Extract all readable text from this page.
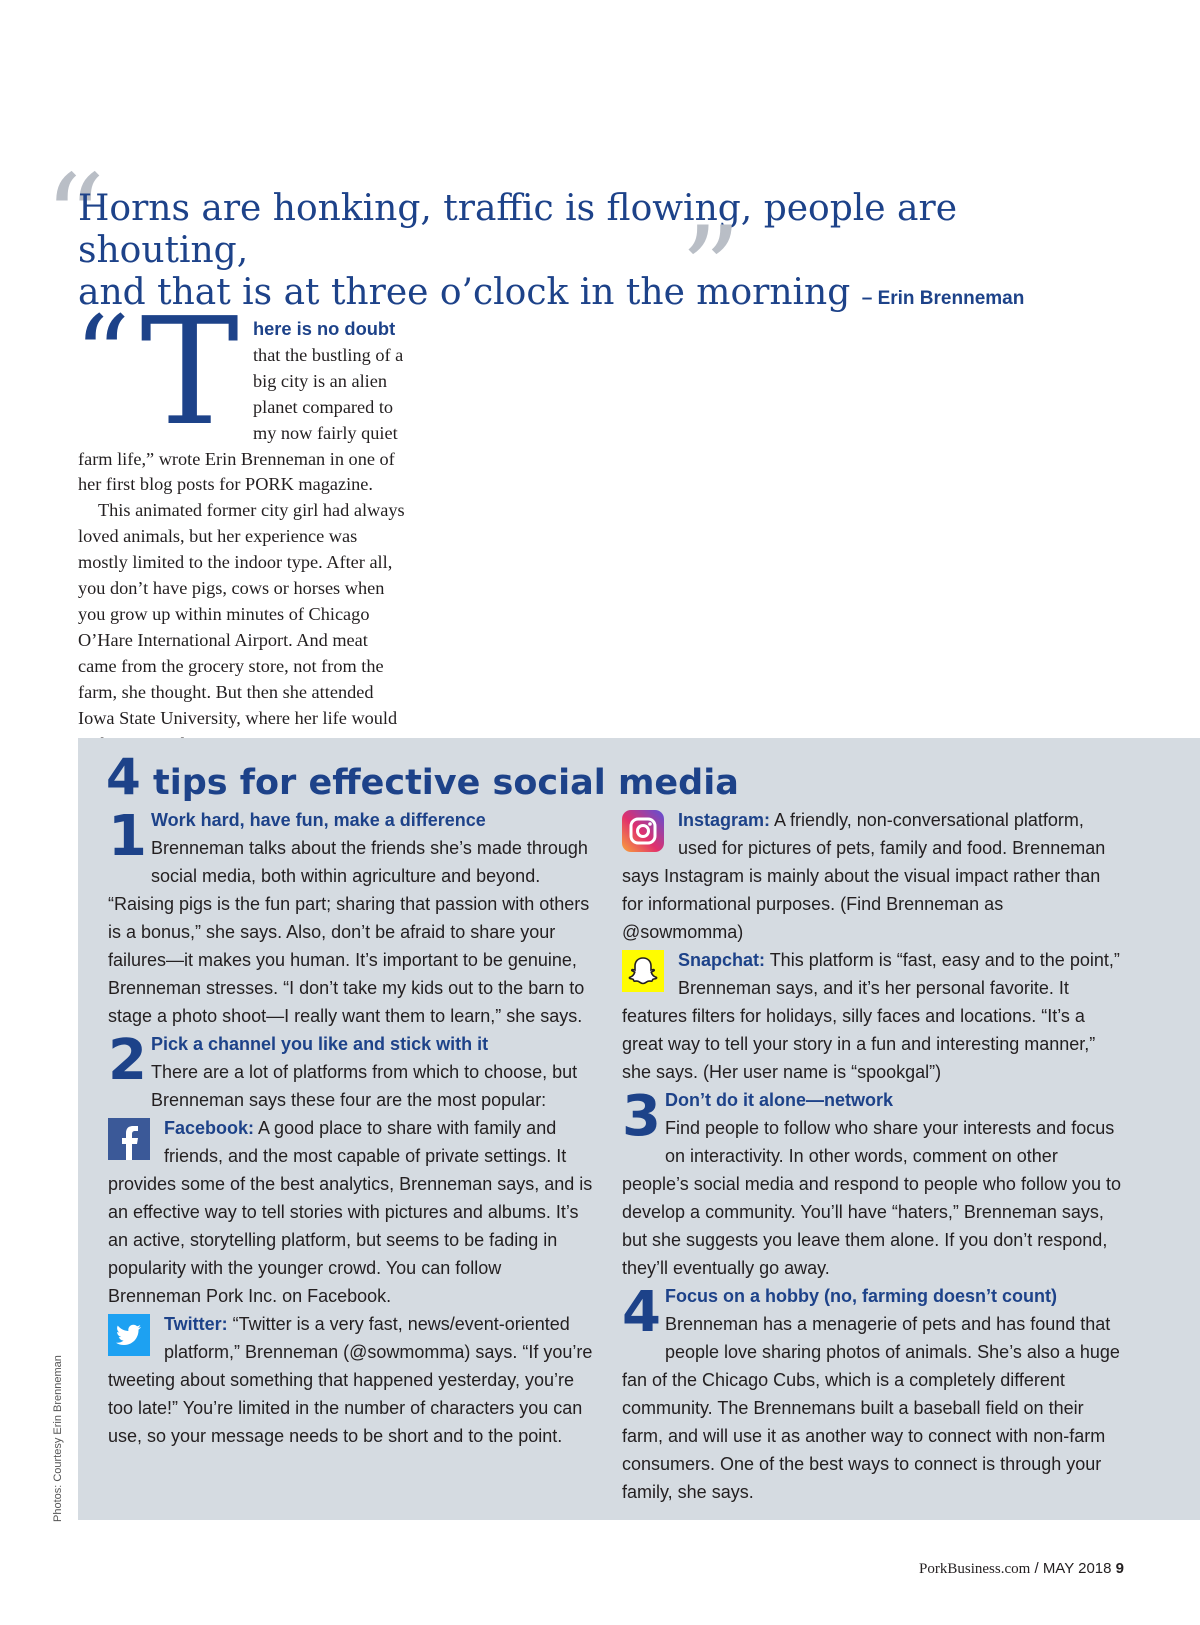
“
Horns are honking, traffic is flowing, people are shouting,
and that is at three o’clock in the morning – Erin Brenneman
”

“ T here is no doubt that the bustling of a big city is an alien planet compared to my now fairly quiet farm life,” wrote Erin Brenneman in one of her first blog posts for PORK magazine.

This animated former city girl had always loved animals, but her experience was mostly limited to the indoor type. After all, you don’t have pigs, cows or horses when you grow up within minutes of Chicago O’Hare International Airport. And meat came from the grocery store, not from the farm, she thought. But then she attended Iowa State University, where her life would

4 tips for effective social media

1 Work hard, have fun, make a difference
Brenneman talks about the friends she’s made through social media, both within agriculture and beyond. “Raising pigs is the fun part; sharing that passion with others is a bonus,” she says. Also, don’t be afraid to share your failures—it makes you human. It’s important to be genuine, Brenneman stresses. “I don’t take my kids out to the barn to stage a photo shoot—I really want them to learn,” she says.

2 Pick a channel you like and stick with it
There are a lot of platforms from which to choose, but Brenneman says these four are the most popular:

Facebook: A good place to share with family and friends, and the most capable of private settings. It provides some of the best analytics, Brenneman says, and is an effective way to tell stories with pictures and albums. It’s an active, storytelling platform, but seems to be fading in popularity with the younger crowd. You can follow Brenneman Pork Inc. on Facebook.

Twitter: “Twitter is a very fast, news/event-oriented platform,” Brenneman (@sowmomma) says. “If you’re tweeting about something that happened yesterday, you’re too late!” You’re limited in the number of characters you can use, so your message needs to be short and to the point.

Instagram: A friendly, non-conversational platform, used for pictures of pets, family and food. Brenneman says Instagram is mainly about the visual impact rather than for informational purposes. (Find Brenneman as @sowmomma)

Snapchat: This platform is “fast, easy and to the point,” Brenneman says, and it’s her personal favorite. It features filters for holidays, silly faces and locations. “It’s a great way to tell your story in a fun and interesting manner,” she says. (Her user name is “spookgal”)

3 Don’t do it alone—network
Find people to follow who share your interests and focus on interactivity. In other words, comment on other people’s social media and respond to people who follow you to develop a community. You’ll have “haters,” Brenneman says, but she suggests you leave them alone. If you don’t respond, they’ll eventually go away.

4 Focus on a hobby (no, farming doesn’t count)
Brenneman has a menagerie of pets and has found that people love sharing photos of animals. She’s also a huge fan of the Chicago Cubs, which is a completely different community. The Brennemans built a baseball field on their farm, and will use it as another way to connect with non-farm consumers. One of the best ways to connect is through your family, she says.

Photos: Courtesy Erin Brenneman
PorkBusiness.com / MAY 2018 9
